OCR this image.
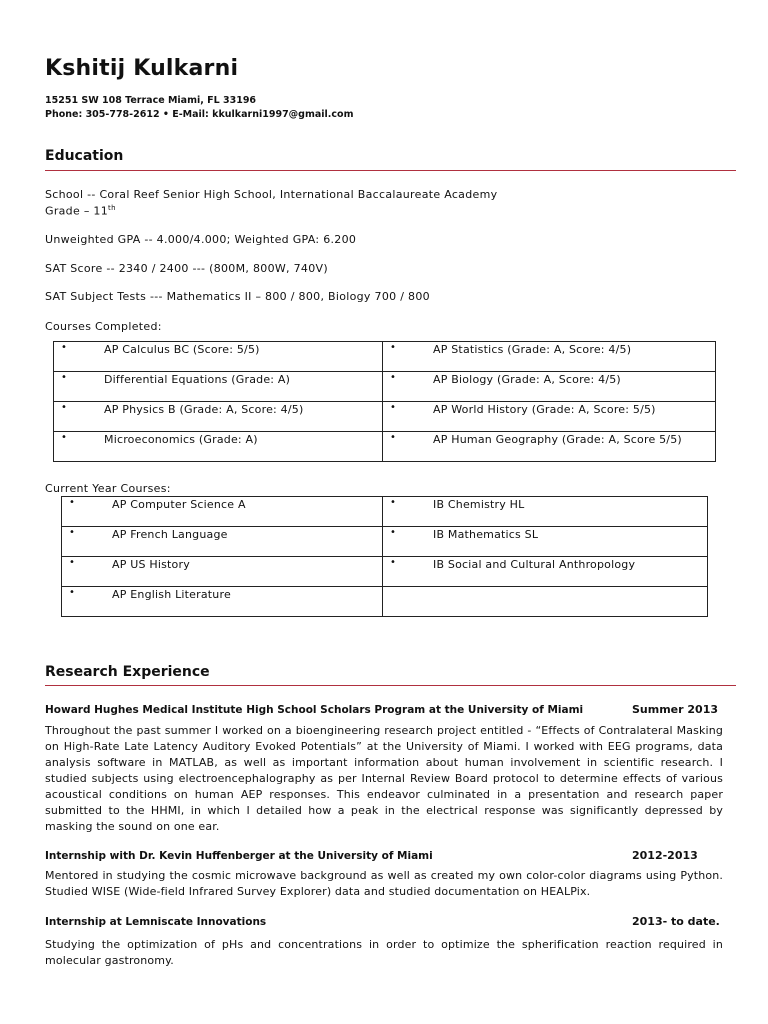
Kshitij Kulkarni
15251 SW 108 Terrace Miami, FL 33196
Phone: 305-778-2612 • E-Mail: kkulkarni1997@gmail.com
Education
School -- Coral Reef Senior High School, International Baccalaureate Academy
Grade – 11th
Unweighted GPA -- 4.000/4.000; Weighted GPA: 6.200
SAT Score -- 2340 / 2400 --- (800M, 800W, 740V)
SAT Subject Tests --- Mathematics II – 800 / 800, Biology 700 / 800
Courses Completed:
• AP Calculus BC (Score: 5/5)	• AP Statistics (Grade: A, Score: 4/5)

• Differential Equations (Grade: A)	• AP Biology (Grade: A, Score: 4/5)

• AP Physics B (Grade: A, Score: 4/5)	• AP World History (Grade: A, Score: 5/5)

• Microeconomics (Grade: A)	• AP Human Geography (Grade: A, Score 5/5)
Current Year Courses:
• AP Computer Science A	• IB Chemistry HL

• AP French Language	• IB Mathematics SL

• AP US History	• IB Social and Cultural Anthropology

• AP English Literature	

Research Experience
Howard Hughes Medical Institute High School Scholars Program at the University of Miami	Summer 2013
Throughout the past summer I worked on a bioengineering research project entitled - “Effects of Contralateral Masking on High-Rate Late Latency Auditory Evoked Potentials” at the University of Miami. I worked with EEG programs, data analysis software in MATLAB, as well as important information about human involvement in scientific research. I studied subjects using electroencephalography as per Internal Review Board protocol to determine effects of various acoustical conditions on human AEP responses. This endeavor culminated in a presentation and research paper submitted to the HHMI, in which I detailed how a peak in the electrical response was significantly depressed by masking the sound on one ear.
Internship with Dr. Kevin Huffenberger at the University of Miami	2012-2013
Mentored in studying the cosmic microwave background as well as created my own color-color diagrams using Python. Studied WISE (Wide-field Infrared Survey Explorer) data and studied documentation on HEALPix.
Internship at Lemniscate Innovations	2013- to date.
Studying the optimization of pHs and concentrations in order to optimize the spherification reaction required in molecular gastronomy.
